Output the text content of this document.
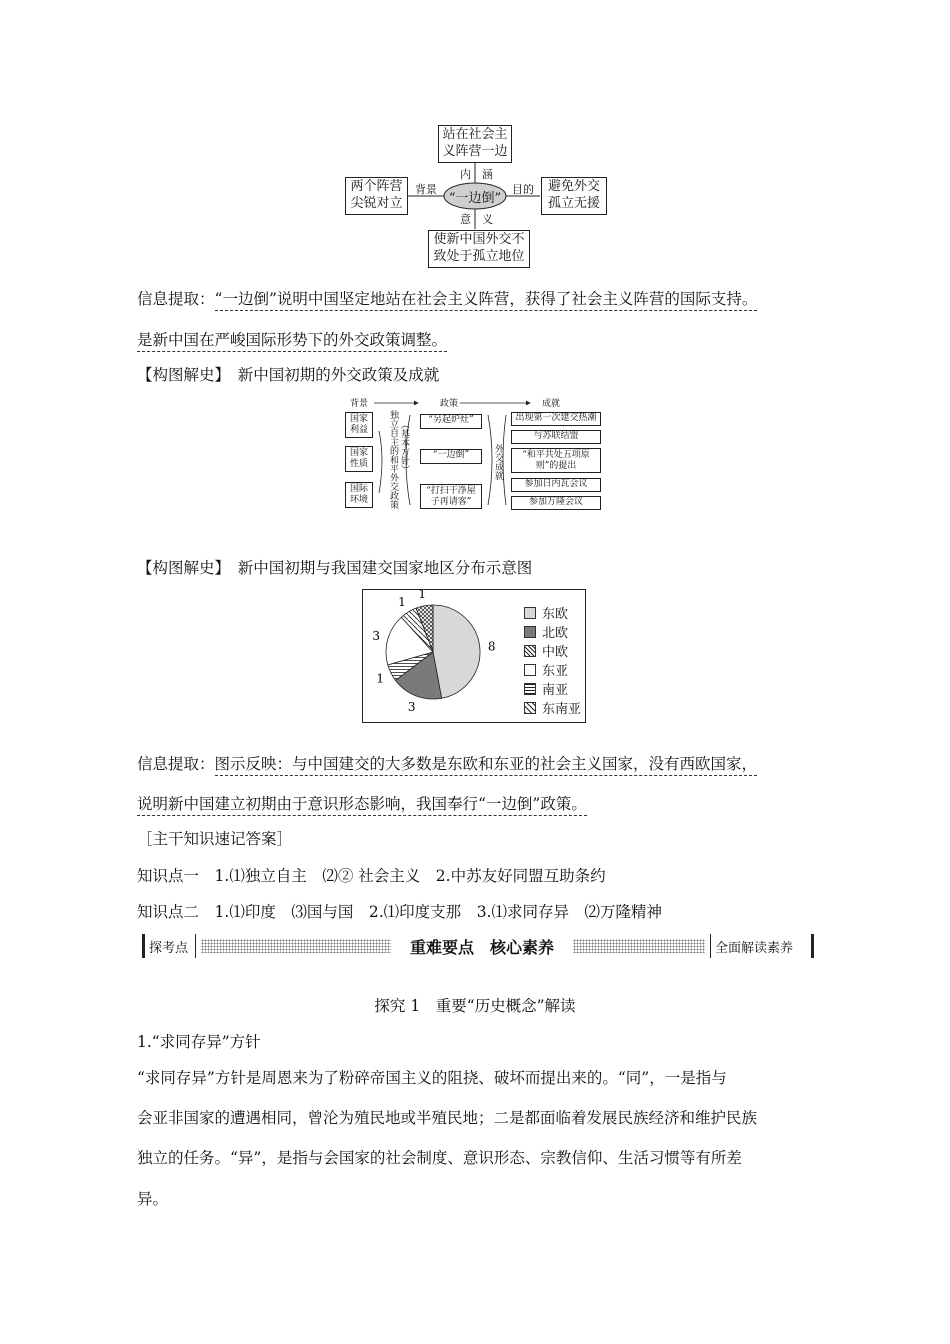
站在社会主义阵营一边
两个阵营尖锐对立
避免外交孤立无援
使新中国外交不致处于孤立地位
“一边倒”
内　涵
背景	目的
意　义
信息提取：“一边倒”说明中国坚定地站在社会主义阵营，获得了社会主义阵营的国际支持。
是新中国在严峻国际形势下的外交政策调整。
【构图解史】　新中国初期的外交政策及成就
背景	政策	成就
国家利益
国家性质
国际环境	独立自主的和平外交政策 （基本方针）	“另起炉灶”
“一边倒”
“打扫干净屋子再请客”
外交成就
出现第一次建交热潮
与苏联结盟
“和平共处五项原则”的提出
参加日内瓦会议
参加万隆会议
【构图解史】　新中国初期与我国建交国家地区分布示意图
8
3
1
3
1
1
东欧
北欧
中欧
东亚
南亚
东南亚
信息提取：图示反映：与中国建交的大多数是东欧和东亚的社会主义国家，没有西欧国家，
说明新中国建立初期由于意识形态影响，我国奉行“一边倒”政策。
［主干知识速记答案］
知识点一　 1.⑴独立自主　 ⑵② 社会主义　 2.中苏友好同盟互助条约
知识点二　 1.⑴印度　 ⑶国与国　 2.⑴印度支那　 3.⑴求同存异　 ⑵万隆精神
探考点	重难要点　核心素养	全面解读素养
探究 1　重要“历史概念”解读
1.“求同存异”方针
“求同存异”方针是周恩来为了粉碎帝国主义的阻挠、破坏而提出来的。“同”，一是指与
会亚非国家的遭遇相同，曾沦为殖民地或半殖民地；二是都面临着发展民族经济和维护民族
独立的任务。“异”，是指与会国家的社会制度、意识形态、宗教信仰、生活习惯等有所差
异。
